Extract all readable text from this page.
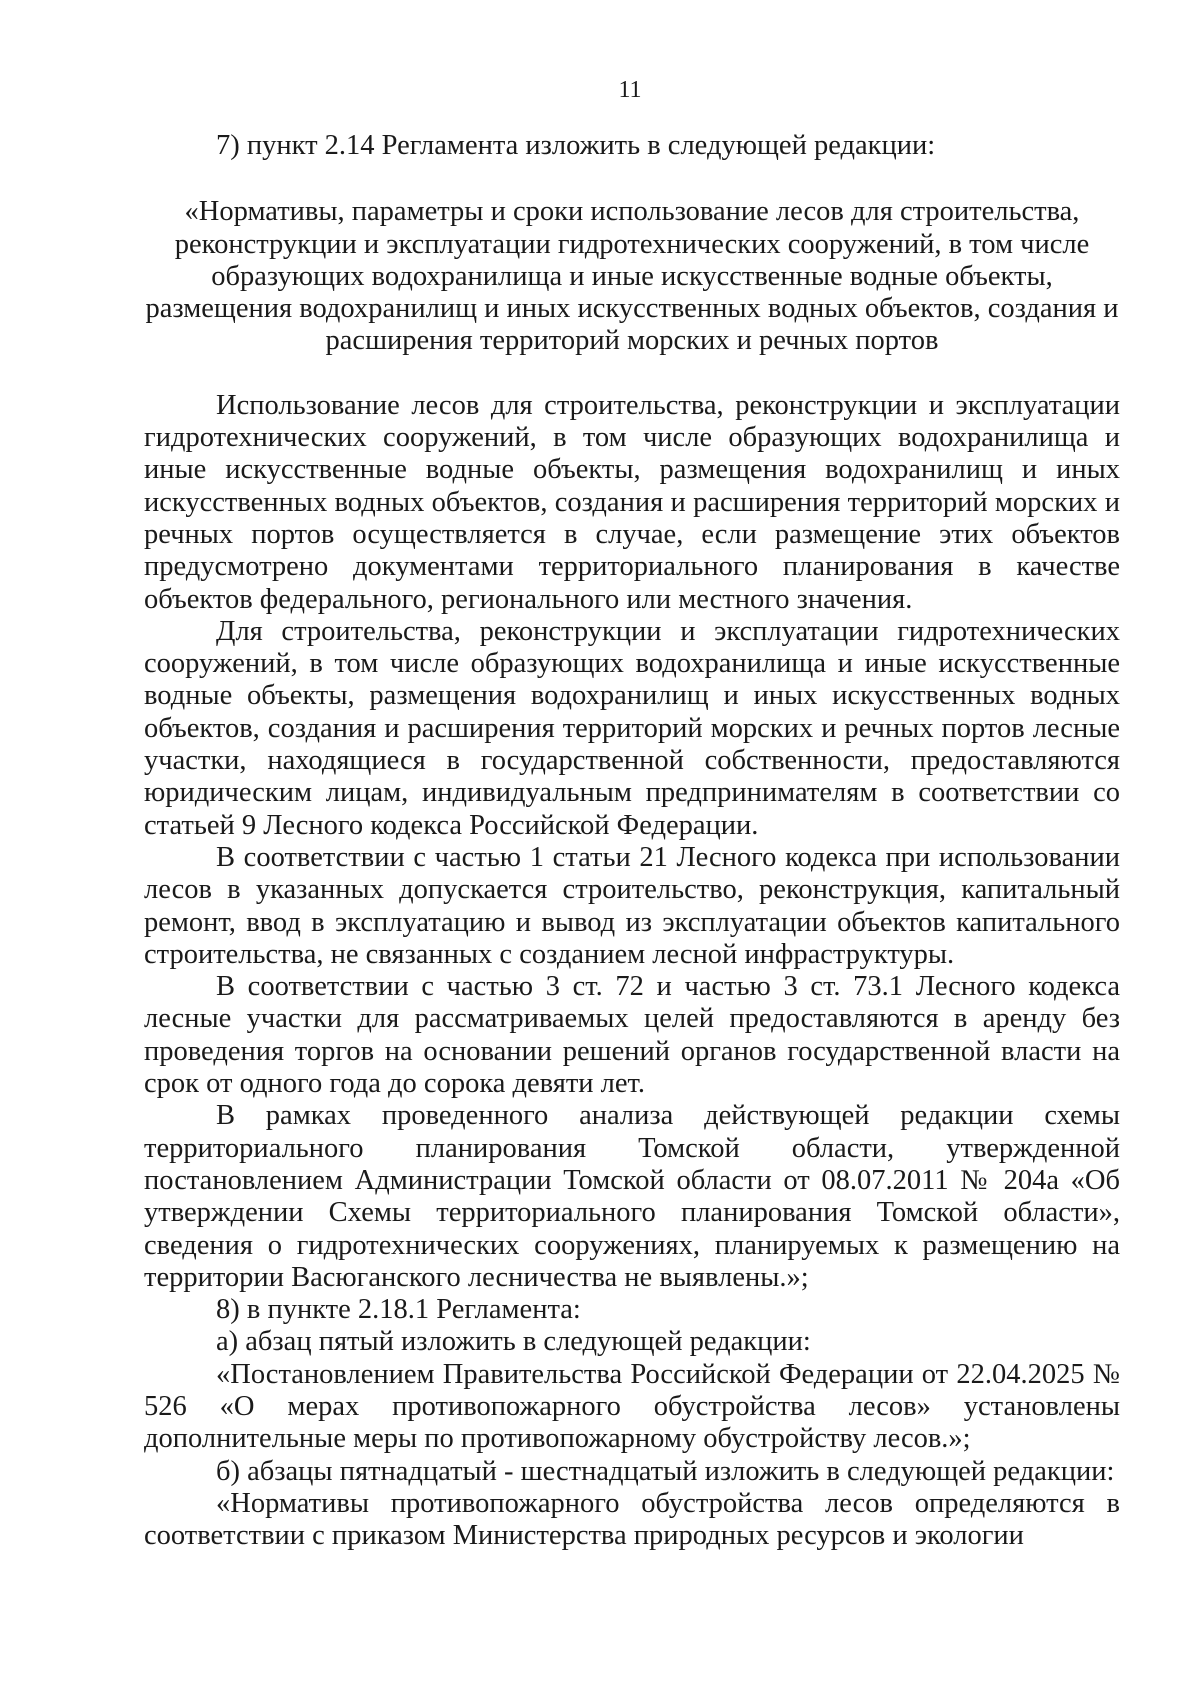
11

7) пункт 2.14 Регламента изложить в следующей редакции:

«Нормативы, параметры и сроки использование лесов для строительства,
реконструкции и эксплуатации гидротехнических сооружений, в том числе
образующих водохранилища и иные искусственные водные объекты,
размещения водохранилищ и иных искусственных водных объектов, создания и
расширения территорий морских и речных портов

Использование лесов для строительства, реконструкции и эксплуатации гидротехнических сооружений, в том числе образующих водохранилища и иные искусственные водные объекты, размещения водохранилищ и иных искусственных водных объектов, создания и расширения территорий морских и речных портов осуществляется в случае, если размещение этих объектов предусмотрено документами территориального планирования в качестве объектов федерального, регионального или местного значения.

Для строительства, реконструкции и эксплуатации гидротехнических сооружений, в том числе образующих водохранилища и иные искусственные водные объекты, размещения водохранилищ и иных искусственных водных объектов, создания и расширения территорий морских и речных портов лесные участки, находящиеся в государственной собственности, предоставляются юридическим лицам, индивидуальным предпринимателям в соответствии со статьей 9 Лесного кодекса Российской Федерации.

В соответствии с частью 1 статьи 21 Лесного кодекса при использовании лесов в указанных допускается строительство, реконструкция, капитальный ремонт, ввод в эксплуатацию и вывод из эксплуатации объектов капитального строительства, не связанных с созданием лесной инфраструктуры.

В соответствии с частью 3 ст. 72 и частью 3 ст. 73.1 Лесного кодекса лесные участки для рассматриваемых целей предоставляются в аренду без проведения торгов на основании решений органов государственной власти на срок от одного года до сорока девяти лет.

В рамках проведенного анализа действующей редакции схемы территориального планирования Томской области, утвержденной постановлением Администрации Томской области от 08.07.2011 № 204а «Об утверждении Схемы территориального планирования Томской области», сведения о гидротехнических сооружениях, планируемых к размещению на территории Васюганского лесничества не выявлены.»;

8) в пункте 2.18.1 Регламента:

а) абзац пятый изложить в следующей редакции:

«Постановлением Правительства Российской Федерации от 22.04.2025 № 526 «О мерах противопожарного обустройства лесов» установлены дополнительные меры по противопожарному обустройству лесов.»;

б) абзацы пятнадцатый - шестнадцатый изложить в следующей редакции:

«Нормативы противопожарного обустройства лесов определяются в соответствии с приказом Министерства природных ресурсов и экологии
